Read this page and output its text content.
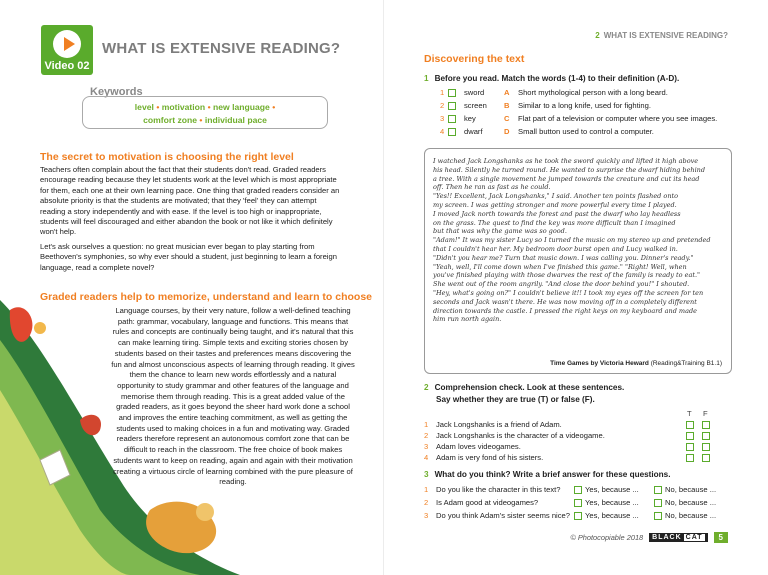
Video 02
WHAT IS EXTENSIVE READING?
Keywords
level • motivation • new language •
comfort zone • individual pace
The secret to motivation is choosing the right level

Teachers often complain about the fact that their students don't read. Graded readers encourage reading because they let students work at the level which is most appropriate for them, each one at their own learning pace. One thing that graded readers consider an absolute priority is that the students are motivated; that they 'feel' they can attempt reading a story independently and with ease. If the level is too high or inappropriate, students will feel discouraged and either abandon the book or not like it which definitely won't help.

Let's ask ourselves a question: no great musician ever began to play starting from Beethoven's symphonies, so why ever should a student, just beginning to learn a foreign language, read a complete novel?

Graded readers help to memorize, understand and learn to choose

Language courses, by their very nature, follow a well-defined teaching path: grammar, vocabulary, language and functions. This means that rules and concepts are continually being taught, and it's natural that this can make learning tiring. Simple texts and exciting stories chosen by students based on their tastes and preferences means discovering the fun and almost unconscious aspects of learning through reading. It gives them the chance to learn new words effortlessly and a natural opportunity to study grammar and other features of the language and memorise them through reading. This is a great added value of the graded readers, as it goes beyond the sheer hard work done a school and improves the entire teaching commitment, as well as getting the students used to making choices in a fun and motivating way. Graded readers therefore represent an autonomous comfort zone that can be difficult to reach in the classroom. The free choice of book makes students want to keep on reading, again and again with their motivation creating a virtuous circle of learning combined with the pure pleasure of reading.

2 WHAT IS EXTENSIVE READING?
Discovering the text
1 Before you read. Match the words (1-4) to their definition (A-D).
1	sword	A Short mythological person with a long beard.
2	screen B Similar to a long knife, used for fighting.
3	key	C Flat part of a television or computer where you see images.
4	dwarf	D Small button used to control a computer.
I watched Jack Longshanks as he took the sword quickly and lifted it high above
his head. Silently he turned round. He wanted to surprise the dwarf hiding behind
a tree. With a single movement he jumped towards the creature and cut its head
off. Then he ran as fast as he could.
"Yes!! Excellent, Jack Longshanks," I said. Another ten points flashed onto
my screen. I was getting stronger and more powerful every time I played.
I moved Jack north towards the forest and past the dwarf who lay headless
on the grass. The quest to find the key was more difficult than I imagined
but that was why the game was so good.
"Adam!" It was my sister Lucy so I turned the music on my stereo up and pretended
that I couldn't hear her. My bedroom door burst open and Lucy walked in.
"Didn't you hear me? Turn that music down. I was calling you. Dinner's ready."
"Yeah, well, I'll come down when I've finished this game." "Right! Well, when
you've finished playing with those dwarves the rest of the family is ready to eat."
She went out of the room angrily. "And close the door behind you!" I shouted.
"Hey, what's going on?" I couldn't believe it!! I took my eyes off the screen for ten
seconds and Jack wasn't there. He was now moving off in a completely different
direction towards the castle. I pressed the right keys on my keyboard and made
him run north again.
Time Games by Victoria Heward (Reading&Training B1.1)
2 Comprehension check. Look at these sentences.
Say whether they are true (T) or false (F).
T F
1 Jack Longshanks is a friend of Adam.
2 Jack Longshanks is the character of a videogame.
3 Adam loves videogames.
4 Adam is very fond of his sisters.
3 What do you think? Write a brief answer for these questions.
1 Do you like the character in this text?	Yes, because ...	No, because ...
2 Is Adam good at videogames?	Yes, because ...	No, because ...
3 Do you think Adam's sister seems nice?	Yes, because ...	No, because ...
© Photocopiable 2018 BLACK CAT 5
